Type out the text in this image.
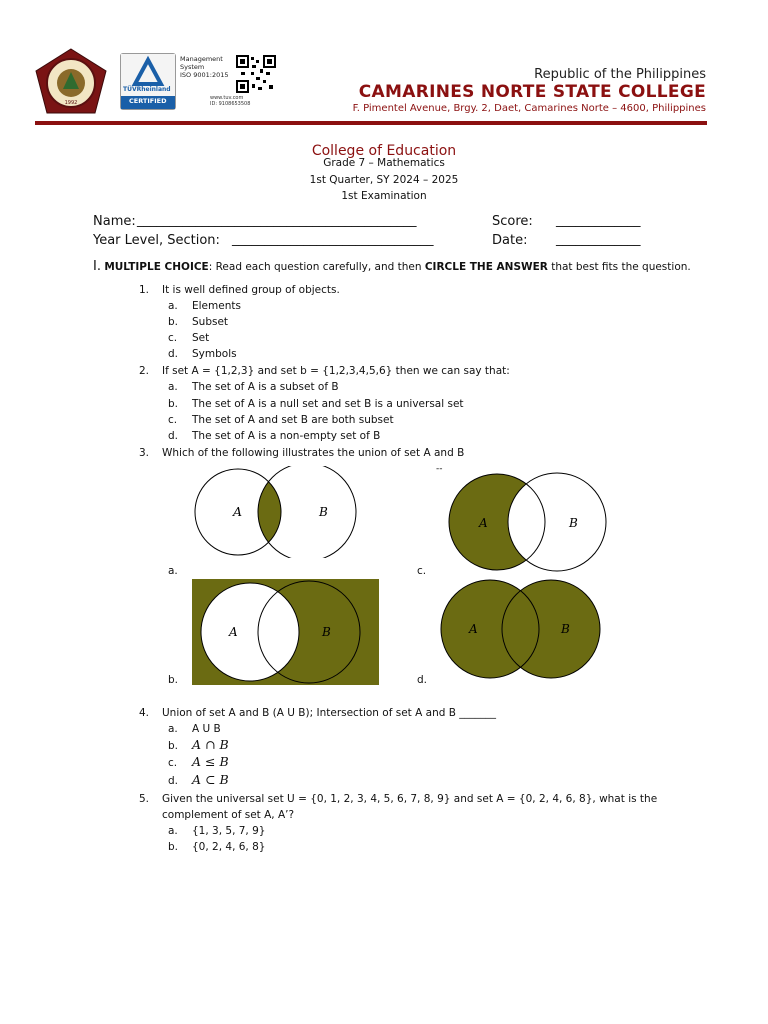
1992
TÜVRheinland
CERTIFIED
Management
System
ISO 9001:2015
www.tuv.com
ID: 9108653508
Republic of the Philippines
CAMARINES NORTE STATE COLLEGE
F. Pimentel Avenue, Brgy. 2, Daet, Camarines Norte – 4600, Philippines
College of Education
Grade 7 – Mathematics
1st Quarter, SY 2024 – 2025
1st Examination
Name: ___________________________________________	Score: _____________
Year Level, Section: _______________________________	Date: _____________
I. MULTIPLE CHOICE: Read each question carefully, and then CIRCLE THE ANSWER that best fits the question.
1. It is well defined group of objects.
a. Elements
b. Subset
c. Set
d. Symbols
2. If set A = {1,2,3} and set b = {1,2,3,4,5,6} then we can say that:
a. The set of A is a subset of B
b. The set of A is a null set and set B is a universal set
c. The set of A and set B are both subset
d. The set of A is a non-empty set of B
3. Which of the following illustrates the union of set A and B
--
A	B
a.
A	B
c.
A	B
b.
A	B
d.
4. Union of set A and B (A U B); Intersection of set A and B _______
a. A U B
b. A ∩ B
c. A ≤ B
d. A ⊂ B
5. Given the universal set U = {0, 1, 2, 3, 4, 5, 6, 7, 8, 9} and set A = {0, 2, 4, 6, 8}, what is the
complement of set A, A’?
a. {1, 3, 5, 7, 9}
b. {0, 2, 4, 6, 8}
